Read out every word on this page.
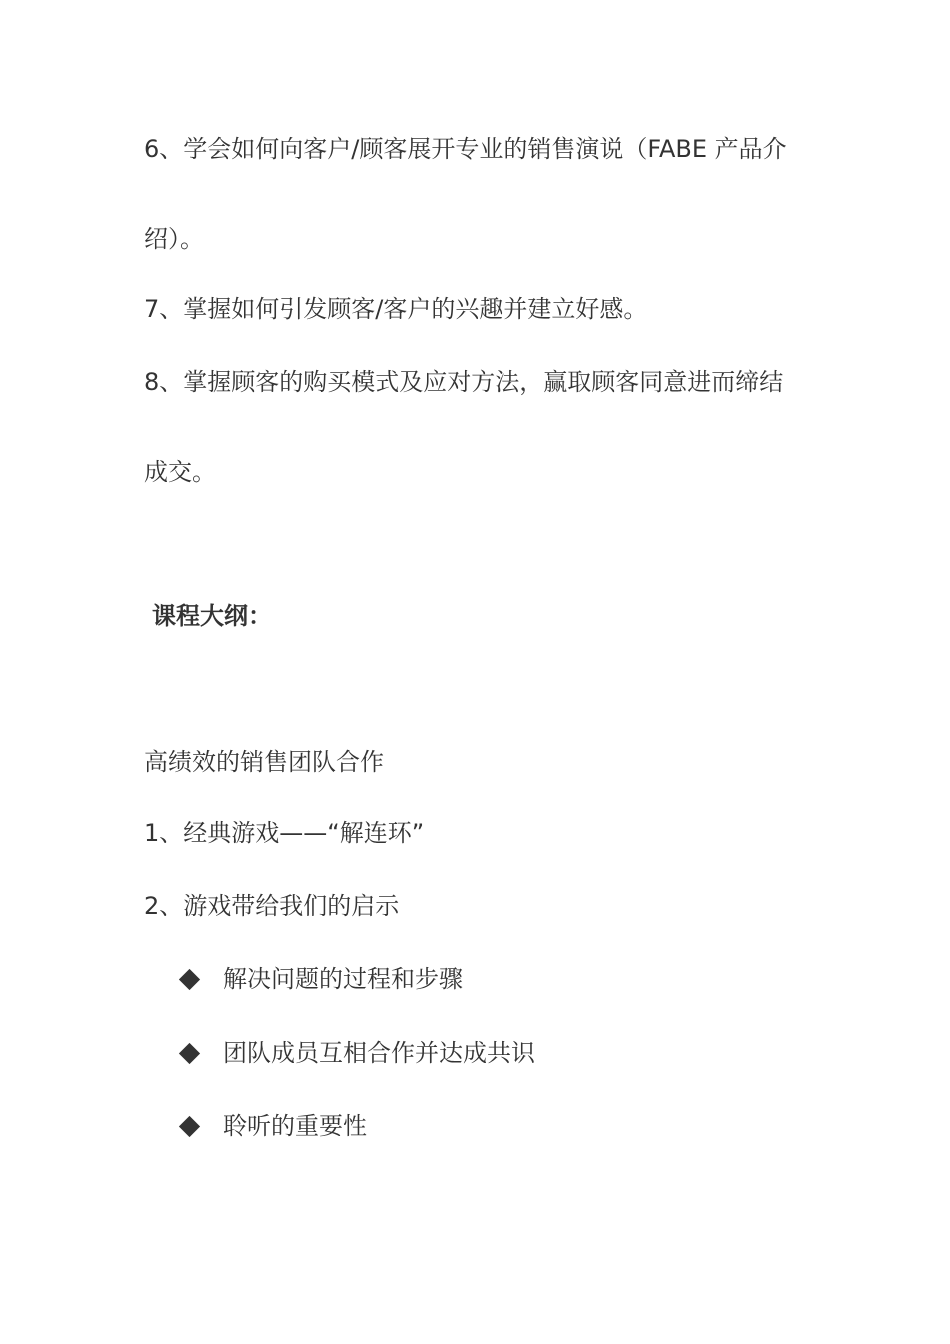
6、学会如何向客户/顾客展开专业的销售演说（FABE 产品介

绍）。

7、掌握如何引发顾客/客户的兴趣并建立好感。

8、掌握顾客的购买模式及应对方法，赢取顾客同意进而缔结

成交。

课程大纲：

高绩效的销售团队合作

1、经典游戏——“解连环”

2、游戏带给我们的启示

解决问题的过程和步骤
团队成员互相合作并达成共识
聆听的重要性
